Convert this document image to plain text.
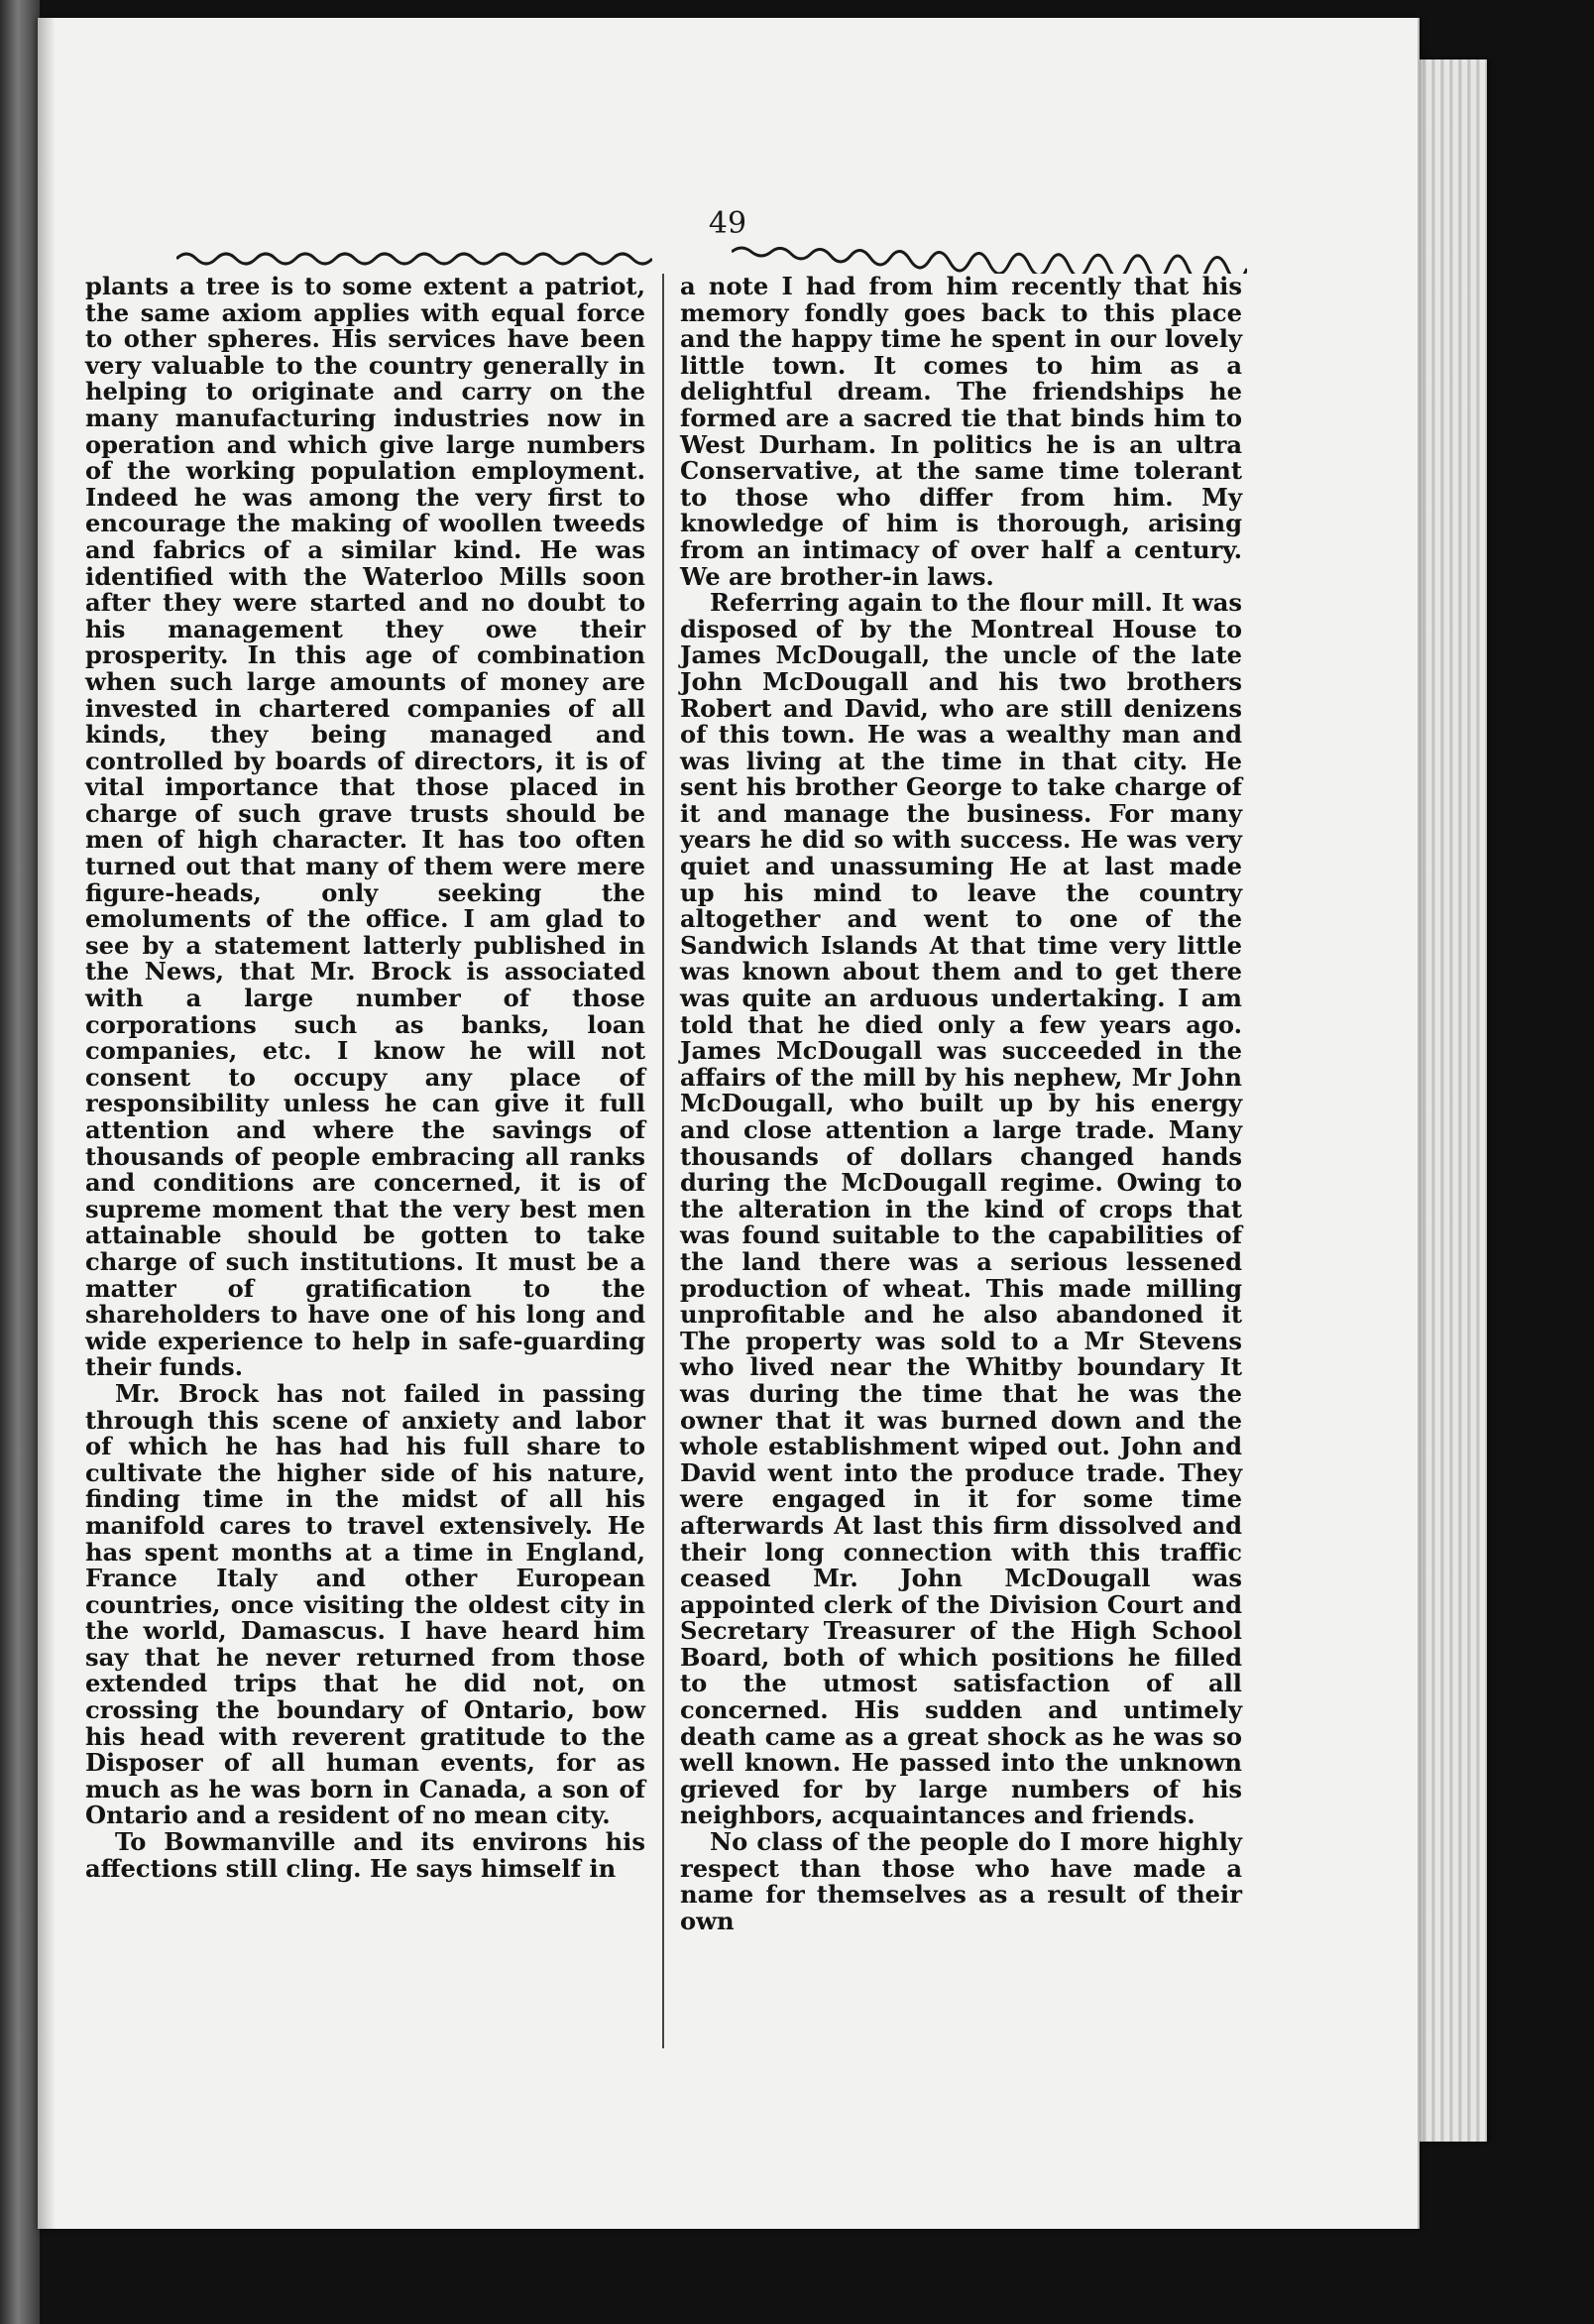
49

plants a tree is to some extent a patriot, the same axiom applies with equal force to other spheres. His services have been very valuable to the country generally in helping to originate and carry on the many manufacturing industries now in operation and which give large numbers of the working population employment. Indeed he was among the very first to encourage the making of woollen tweeds and fabrics of a similar kind. He was identified with the Waterloo Mills soon after they were started and no doubt to his management they owe their prosperity. In this age of combination when such large amounts of money are invested in chartered companies of all kinds, they being managed and controlled by boards of directors, it is of vital importance that those placed in charge of such grave trusts should be men of high character. It has too often turned out that many of them were mere figure-heads, only seeking the emoluments of the office. I am glad to see by a statement latterly published in the News, that Mr. Brock is associated with a large number of those corporations such as banks, loan companies, etc. I know he will not consent to occupy any place of responsibility unless he can give it full attention and where the savings of thousands of people embracing all ranks and conditions are concerned, it is of supreme moment that the very best men attainable should be gotten to take charge of such institutions. It must be a matter of gratification to the shareholders to have one of his long and wide experience to help in safe-guarding their funds.

Mr. Brock has not failed in passing through this scene of anxiety and labor of which he has had his full share to cultivate the higher side of his nature, finding time in the midst of all his manifold cares to travel extensively. He has spent months at a time in England, France Italy and other European countries, once visiting the oldest city in the world, Damascus. I have heard him say that he never returned from those extended trips that he did not, on crossing the boundary of Ontario, bow his head with reverent gratitude to the Disposer of all human events, for as much as he was born in Canada, a son of Ontario and a resident of no mean city.

To Bowmanville and its environs his affections still cling. He says himself in

a note I had from him recently that his memory fondly goes back to this place and the happy time he spent in our lovely little town. It comes to him as a delightful dream. The friendships he formed are a sacred tie that binds him to West Durham. In politics he is an ultra Conservative, at the same time tolerant to those who differ from him. My knowledge of him is thorough, arising from an intimacy of over half a century. We are brother-in laws.

Referring again to the flour mill. It was disposed of by the Montreal House to James McDougall, the uncle of the late John McDougall and his two brothers Robert and David, who are still denizens of this town. He was a wealthy man and was living at the time in that city. He sent his brother George to take charge of it and manage the business. For many years he did so with success. He was very quiet and unassuming He at last made up his mind to leave the country altogether and went to one of the Sandwich Islands At that time very little was known about them and to get there was quite an arduous undertaking. I am told that he died only a few years ago. James McDougall was succeeded in the affairs of the mill by his nephew, Mr John McDougall, who built up by his energy and close attention a large trade. Many thousands of dollars changed hands during the McDougall regime. Owing to the alteration in the kind of crops that was found suitable to the capabilities of the land there was a serious lessened production of wheat. This made milling unprofitable and he also abandoned it The property was sold to a Mr Stevens who lived near the Whitby boundary It was during the time that he was the owner that it was burned down and the whole establishment wiped out. John and David went into the produce trade. They were engaged in it for some time afterwards At last this firm dissolved and their long connection with this traffic ceased Mr. John McDougall was appointed clerk of the Division Court and Secretary Treasurer of the High School Board, both of which positions he filled to the utmost satisfaction of all concerned. His sudden and untimely death came as a great shock as he was so well known. He passed into the unknown grieved for by large numbers of his neighbors, acquaintances and friends.

No class of the people do I more highly respect than those who have made a name for themselves as a result of their own
